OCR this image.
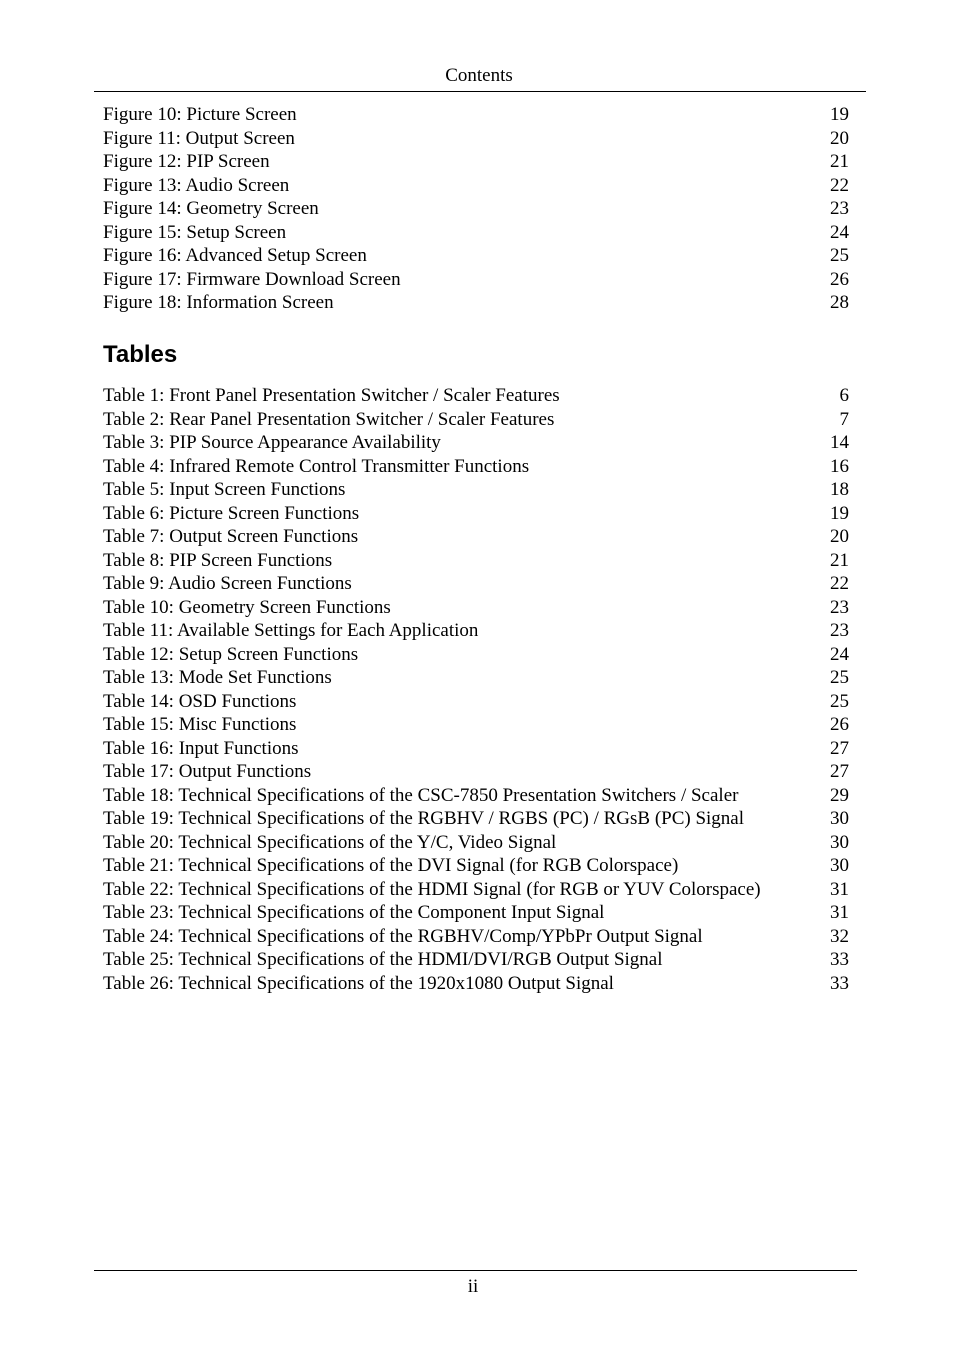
Contents
Figure 10: Picture Screen	19
Figure 11: Output Screen	20
Figure 12: PIP Screen	21
Figure 13: Audio Screen	22
Figure 14: Geometry Screen	23
Figure 15: Setup Screen	24
Figure 16: Advanced Setup Screen	25
Figure 17: Firmware Download Screen	26
Figure 18: Information Screen	28
Tables
Table 1: Front Panel Presentation Switcher / Scaler Features	6
Table 2: Rear Panel Presentation Switcher / Scaler Features	7
Table 3: PIP Source Appearance Availability	14
Table 4: Infrared Remote Control Transmitter Functions	16
Table 5: Input Screen Functions	18
Table 6: Picture Screen Functions	19
Table 7: Output Screen Functions	20
Table 8: PIP Screen Functions	21
Table 9: Audio Screen Functions	22
Table 10: Geometry Screen Functions	23
Table 11: Available Settings for Each Application	23
Table 12: Setup Screen Functions	24
Table 13: Mode Set Functions	25
Table 14: OSD Functions	25
Table 15: Misc Functions	26
Table 16: Input Functions	27
Table 17: Output Functions	27
Table 18: Technical Specifications of the CSC-7850 Presentation Switchers / Scaler	29
Table 19: Technical Specifications of the RGBHV / RGBS (PC) / RGsB (PC) Signal	30
Table 20: Technical Specifications of the Y/C, Video Signal	30
Table 21: Technical Specifications of the DVI Signal (for RGB Colorspace)	30
Table 22: Technical Specifications of the HDMI Signal (for RGB or YUV Colorspace)	31
Table 23: Technical Specifications of the Component Input Signal	31
Table 24: Technical Specifications of the RGBHV/Comp/YPbPr Output Signal	32
Table 25: Technical Specifications of the HDMI/DVI/RGB Output Signal	33
Table 26: Technical Specifications of the 1920x1080 Output Signal	33
ii
